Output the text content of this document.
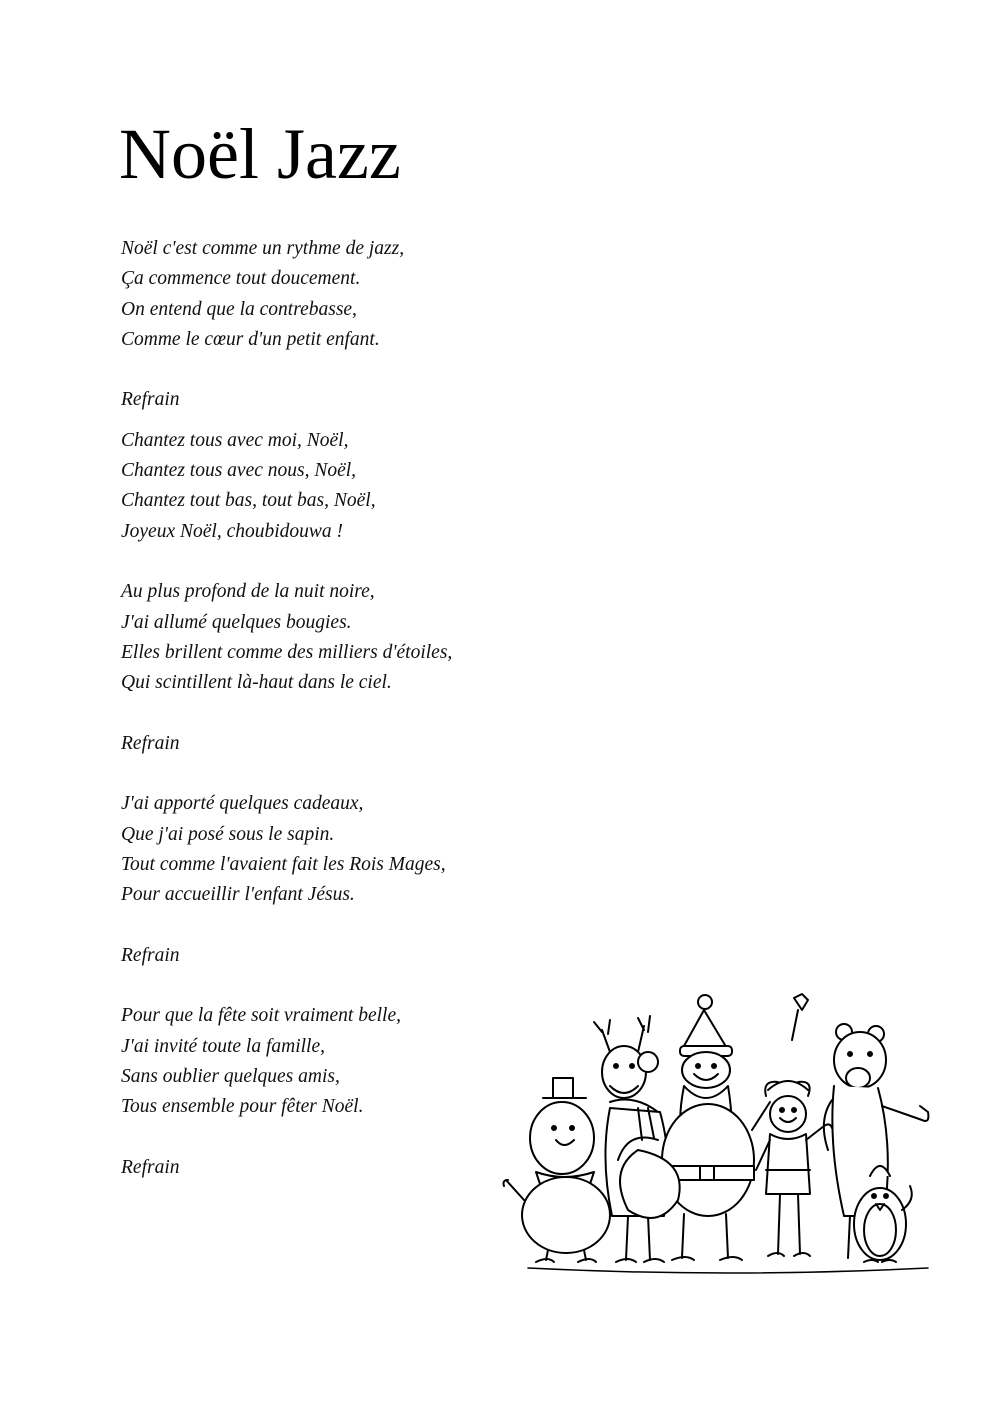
Noël Jazz
Noël c'est comme un rythme de jazz,
Ça commence tout doucement.
On entend que la contrebasse,
Comme le cœur d'un petit enfant.
Refrain
Chantez tous avec moi, Noël,
Chantez tous avec nous, Noël,
Chantez tout bas, tout bas, Noël,
Joyeux Noël, choubidouwa !
Au plus profond de la nuit noire,
J'ai allumé quelques bougies.
Elles brillent comme des milliers d'étoiles,
Qui scintillent là-haut dans le ciel.
Refrain
J'ai apporté quelques cadeaux,
Que j'ai posé sous le sapin.
Tout comme l'avaient fait les Rois Mages,
Pour accueillir l'enfant Jésus.
Refrain
Pour que la fête soit vraiment belle,
J'ai invité toute la famille,
Sans oublier quelques amis,
Tous ensemble pour fêter Noël.
Refrain
